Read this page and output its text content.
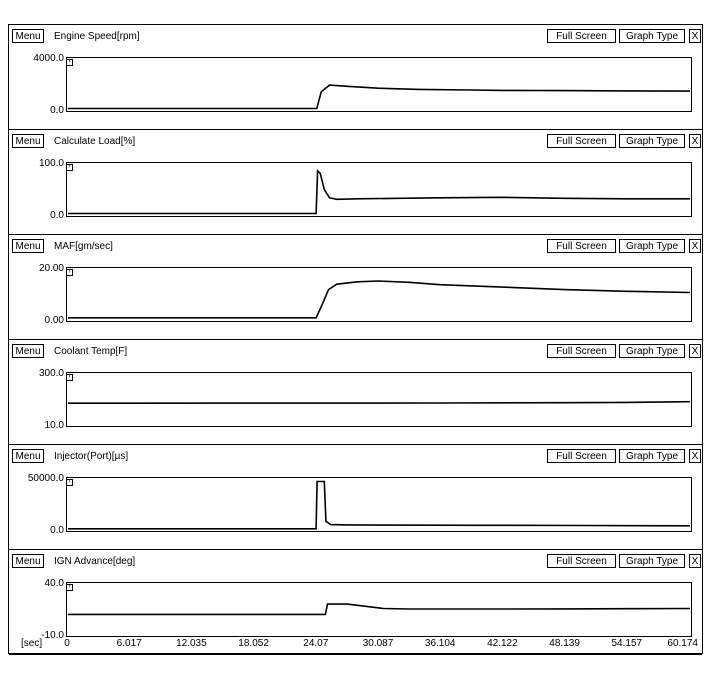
Menu	Engine Speed[rpm]	Full Screen	Graph Type	X
4000.0
0.0
›
Menu	Calculate Load[%]	Full Screen	Graph Type	X
100.0
0.0
›
Menu	MAF[gm/sec]	Full Screen	Graph Type	X
20.00
0.00
›
Menu	Coolant Temp[F]	Full Screen	Graph Type	X
300.0
10.0
›
Menu	Injector(Port)[µs]	Full Screen	Graph Type	X
50000.0
0.0
›
Menu	IGN Advance[deg]	Full Screen	Graph Type	X
40.0
-10.0
›
[sec] 0	6.017	12.035	18.052	24.07	30.087	36.104	42.122	48.139	54.157	60.174
